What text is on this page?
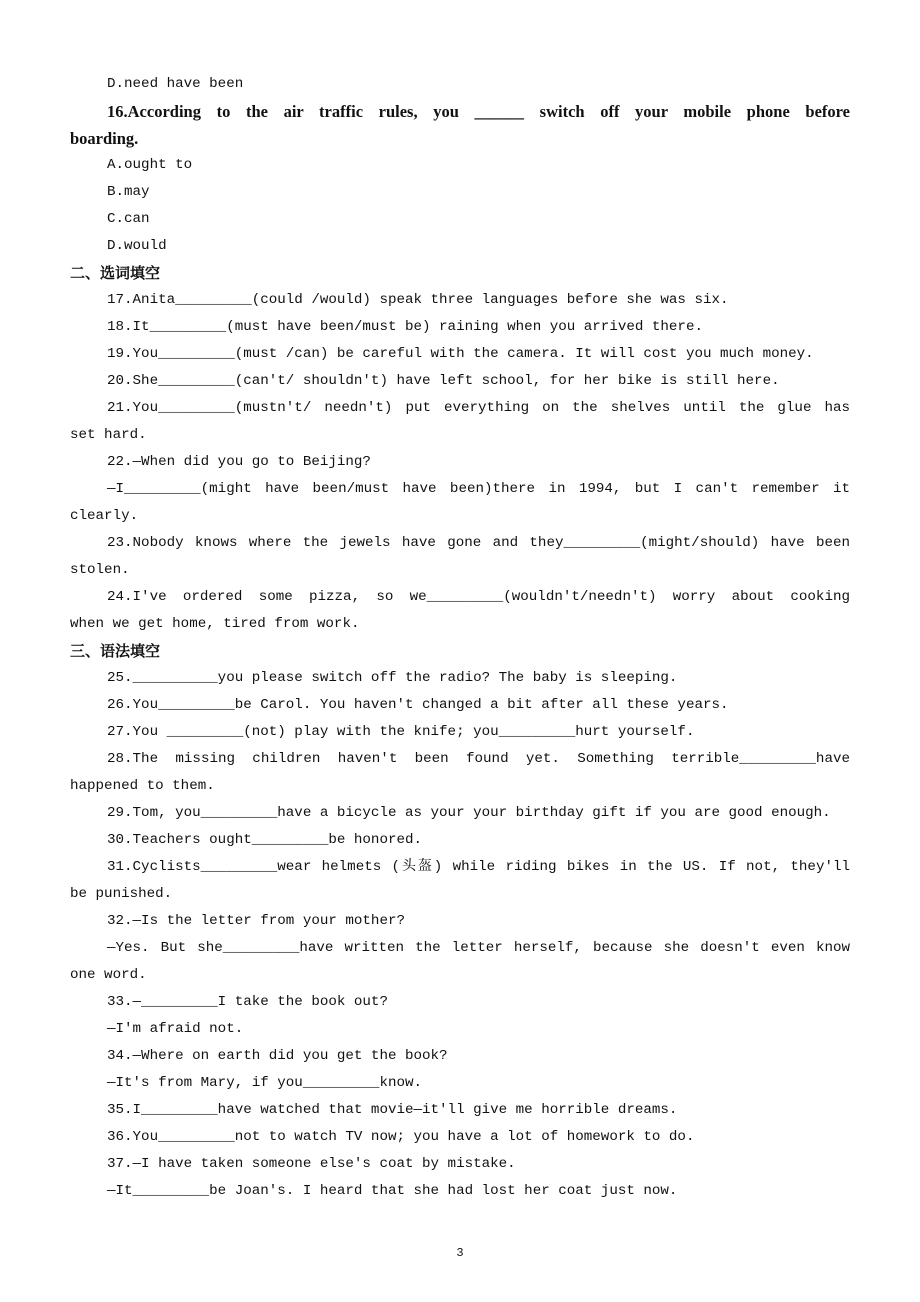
D.need have been
16.According to the air traffic rules, you ______ switch off your mobile phone before
boarding.
A.ought to
B.may
C.can
D.would
二、选词填空
17.Anita_________(could /would) speak three languages before she was six.
18.It_________(must have been/must be) raining when you arrived there.
19.You_________(must /can) be careful with the camera. It will cost you much money.
20.She_________(can't/ shouldn't) have left school, for her bike is still here.
21.You_________(mustn't/ needn't) put everything on the shelves until the glue has
set hard.
22.—When did you go to Beijing?
—I_________(might have been/must have been)there in 1994, but I can't remember it
clearly.
23.Nobody knows where the jewels have gone and they_________(might/should) have been
stolen.
24.I've ordered some pizza, so we_________(wouldn't/needn't) worry about cooking
when we get home, tired from work.
三、语法填空
25.__________you please switch off the radio? The baby is sleeping.
26.You_________be Carol. You haven't changed a bit after all these years.
27.You _________(not) play with the knife; you_________hurt yourself.
28.The missing children haven't been found yet. Something terrible_________have
happened to them.
29.Tom, you_________have a bicycle as your your birthday gift if you are good enough.
30.Teachers ought_________be honored.
31.Cyclists_________wear helmets (头盔) while riding bikes in the US. If not, they'll
be punished.
32.—Is the letter from your mother?
—Yes. But she_________have written the letter herself, because she doesn't even know
one word.
33.—_________I take the book out?
—I'm afraid not.
34.—Where on earth did you get the book?
—It's from Mary, if you_________know.
35.I_________have watched that movie—it'll give me horrible dreams.
36.You_________not to watch TV now; you have a lot of homework to do.
37.—I have taken someone else's coat by mistake.
—It_________be Joan's. I heard that she had lost her coat just now.
3
